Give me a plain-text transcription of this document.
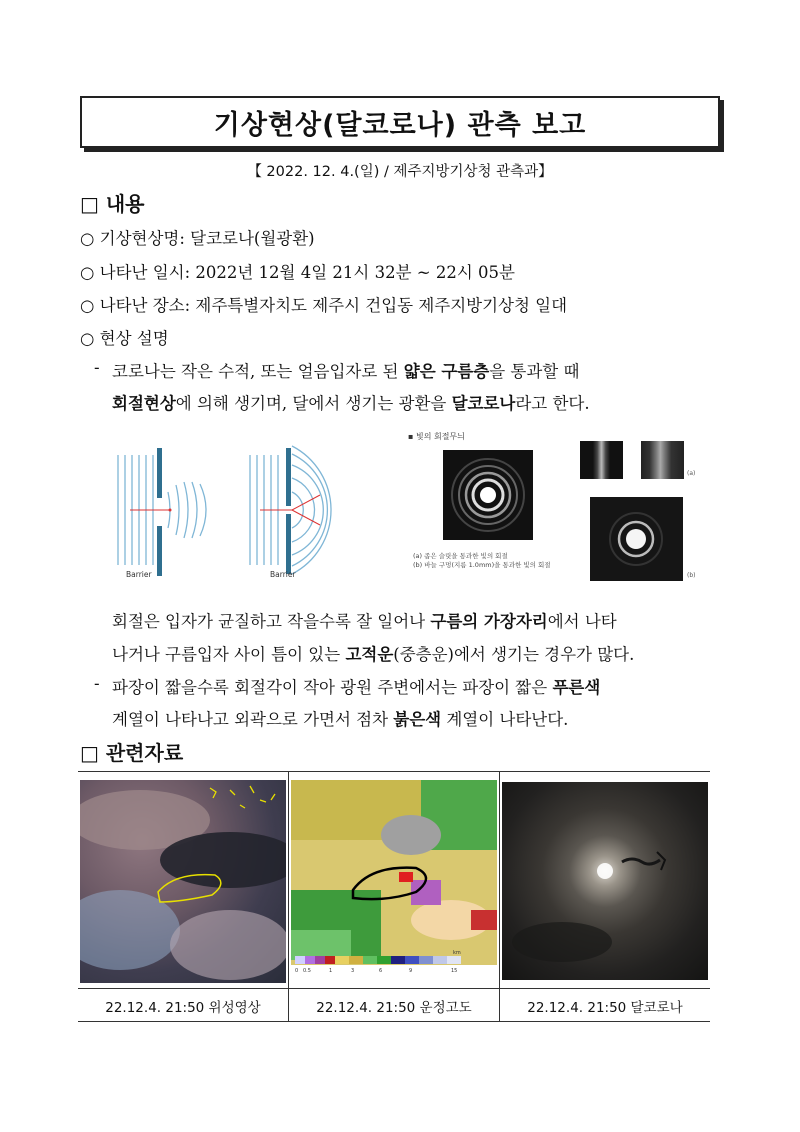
기상현상(달코로나) 관측 보고
【 2022. 12. 4.(일) / 제주지방기상청 관측과】
□ 내용
○ 기상현상명: 달코로나(월광환)
○ 나타난 일시: 2022년 12월 4일 21시 32분 ~ 22시 05분
○ 나타난 장소: 제주특별자치도 제주시 건입동 제주지방기상청 일대
○ 현상 설명
- 코로나는 작은 수적, 또는 얼음입자로 된 얇은 구름층을 통과할 때
회절현상에 의해 생기며, 달에서 생기는 광환을 달코로나라고 한다.
Barrier	Barrier
▪ 빛의 회절무늬
(a) 좁은 슬릿을 통과한 빛의 회절
(b) 바늘 구멍(지름 1.0mm)을 통과한 빛의 회절
(a)
(b)
회절은 입자가 균질하고 작을수록 잘 일어나 구름의 가장자리에서 나타
나거나 구름입자 사이 틈이 있는 고적운(중층운)에서 생기는 경우가 많다.
- 파장이 짧을수록 회절각이 작아 광원 주변에서는 파장이 짧은 푸른색
계열이 나타나고 외곽으로 가면서 점차 붉은색 계열이 나타난다.
□ 관련자료
0 0.5	1	3	6	9	15
km
22.12.4. 21:50 위성영상	22.12.4. 21:50 운정고도	22.12.4. 21:50 달코로나
